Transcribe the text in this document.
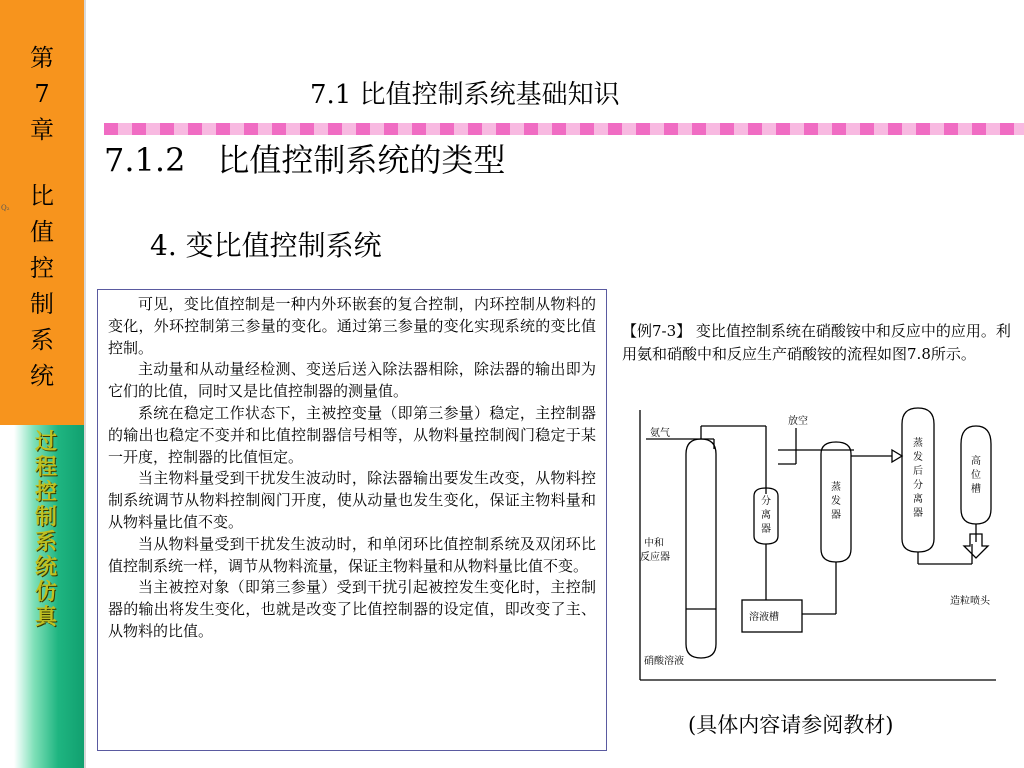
第
7
章
比
值
控
制
系
统
Q₂
过
程
控
制
系
统
仿
真
7.1 比值控制系统基础知识
7.1.2　比值控制系统的类型
4. 变比值控制系统

可见，变比值控制是一种内外环嵌套的复合控制，内环控制从物料的变化，外环控制第三参量的变化。通过第三参量的变化实现系统的变比值控制。

主动量和从动量经检测、变送后送入除法器相除，除法器的输出即为它们的比值，同时又是比值控制器的测量值。

系统在稳定工作状态下，主被控变量（即第三参量）稳定，主控制器的输出也稳定不变并和比值控制器信号相等，从物料量控制阀门稳定于某一开度，控制器的比值恒定。

当主物料量受到干扰发生波动时，除法器输出要发生改变，从物料控制系统调节从物料控制阀门开度，使从动量也发生变化，保证主物料量和从物料量比值不变。

当从物料量受到干扰发生波动时，和单闭环比值控制系统及双闭环比值控制系统一样，调节从物料流量，保证主物料量和从物料量比值不变。

当主被控对象（即第三参量）受到干扰引起被控发生变化时，主控制器的输出将发生变化，也就是改变了比值控制器的设定值，即改变了主、从物料的比值。

【例7-3】 变比值控制系统在硝酸铵中和反应中的应用。利用氨和硝酸中和反应生产硝酸铵的流程如图7.8所示。
氨气
放空
中和
反应器
分
离
器
蒸
发
器
蒸
发
后
分
离
器
高
位
槽
造粒喷头
溶液槽
硝酸溶液
(具体内容请参阅教材)
